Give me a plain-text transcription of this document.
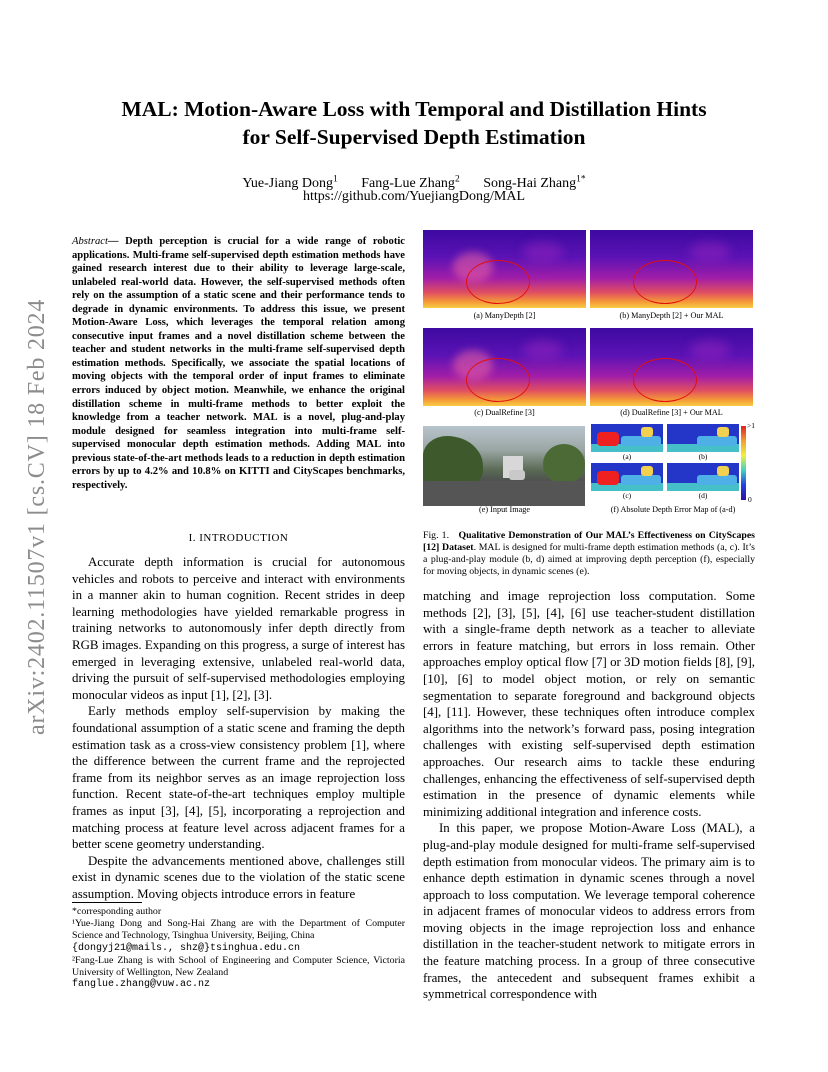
arXiv:2402.11507v1 [cs.CV] 18 Feb 2024
MAL: Motion-Aware Loss with Temporal and Distillation Hints
for Self-Supervised Depth Estimation
Yue-Jiang Dong$^1$ Fang-Lue Zhang$^2$ Song-Hai Zhang$^{1*}$
https://github.com/YuejiangDong/MAL
Abstract— Depth perception is crucial for a wide range of robotic applications. Multi-frame self-supervised depth estimation methods have gained research interest due to their ability to leverage large-scale, unlabeled real-world data. However, the self-supervised methods often rely on the assumption of a static scene and their performance tends to degrade in dynamic environments. To address this issue, we present Motion-Aware Loss, which leverages the temporal relation among consecutive input frames and a novel distillation scheme between the teacher and student networks in the multi-frame self-supervised depth estimation methods. Specifically, we associate the spatial locations of moving objects with the temporal order of input frames to eliminate errors induced by object motion. Meanwhile, we enhance the original distillation scheme in multi-frame methods to better exploit the knowledge from a teacher network. MAL is a novel, plug-and-play module designed for seamless integration into multi-frame self-supervised monocular depth estimation methods. Adding MAL into previous state-of-the-art methods leads to a reduction in depth estimation errors by up to 4.2% and 10.8% on KITTI and CityScapes benchmarks, respectively.
I. INTRODUCTION

Accurate depth information is crucial for autonomous vehicles and robots to perceive and interact with environments in a manner akin to human cognition. Recent strides in deep learning methodologies have yielded remarkable progress in training networks to autonomously infer depth directly from RGB images. Expanding on this progress, a surge of interest has emerged in leveraging extensive, unlabeled real-world data, driving the pursuit of self-supervised methodologies employing monocular videos as input [1], [2], [3].

Early methods employ self-supervision by making the foundational assumption of a static scene and framing the depth estimation task as a cross-view consistency problem [1], where the difference between the current frame and the reprojected frame from its neighbor serves as an image reprojection loss function. Recent state-of-the-art techniques employ multiple frames as input [3], [4], [5], incorporating a reprojection and matching process at feature level across adjacent frames for a better scene geometry understanding.

Despite the advancements mentioned above, challenges still exist in dynamic scenes due to the violation of the static scene assumption. Moving objects introduce errors in feature

*corresponding author

¹Yue-Jiang Dong and Song-Hai Zhang are with the Department of Computer Science and Technology, Tsinghua University, Beijing, China

{dongyj21@mails., shz@}tsinghua.edu.cn

²Fang-Lue Zhang is with School of Engineering and Computer Science, Victoria University of Wellington, New Zealand

fanglue.zhang@vuw.ac.nz

(a) ManyDepth [2]	(b) ManyDepth [2] + Our MAL
(c) DualRefine [3]	(d) DualRefine [3] + Our MAL
(e) Input Image
(a)	(b)
(c)	(d)
>1
0
(f) Absolute Depth Error Map of (a-d)
Fig. 1. Qualitative Demonstration of Our MAL’s Effectiveness on CityScapes [12] Dataset. MAL is designed for multi-frame depth estimation methods (a, c). It’s a plug-and-play module (b, d) aimed at improving depth perception (f), especially for moving objects, in dynamic scenes (e).

matching and image reprojection loss computation. Some methods [2], [3], [5], [4], [6] use teacher-student distillation with a single-frame depth network as a teacher to alleviate errors in feature matching, but errors in loss remain. Other approaches employ optical flow [7] or 3D motion fields [8], [9], [10], [6] to model object motion, or rely on semantic segmentation to separate foreground and background objects [4], [11]. However, these techniques often introduce complex algorithms into the network’s forward pass, posing integration challenges with existing self-supervised depth estimation approaches. Our research aims to tackle these enduring challenges, enhancing the effectiveness of self-supervised depth estimation in the presence of dynamic elements while minimizing additional integration and inference costs.

In this paper, we propose Motion-Aware Loss (MAL), a plug-and-play module designed for multi-frame self-supervised depth estimation from monocular videos. The primary aim is to enhance depth estimation in dynamic scenes through a novel approach to loss computation. We leverage temporal coherence in adjacent frames of monocular videos to address errors from moving objects in the image reprojection loss and enhance distillation in the teacher-student network to mitigate errors in the feature matching process. In a group of three consecutive frames, the antecedent and subsequent frames exhibit a symmetrical correspondence with
